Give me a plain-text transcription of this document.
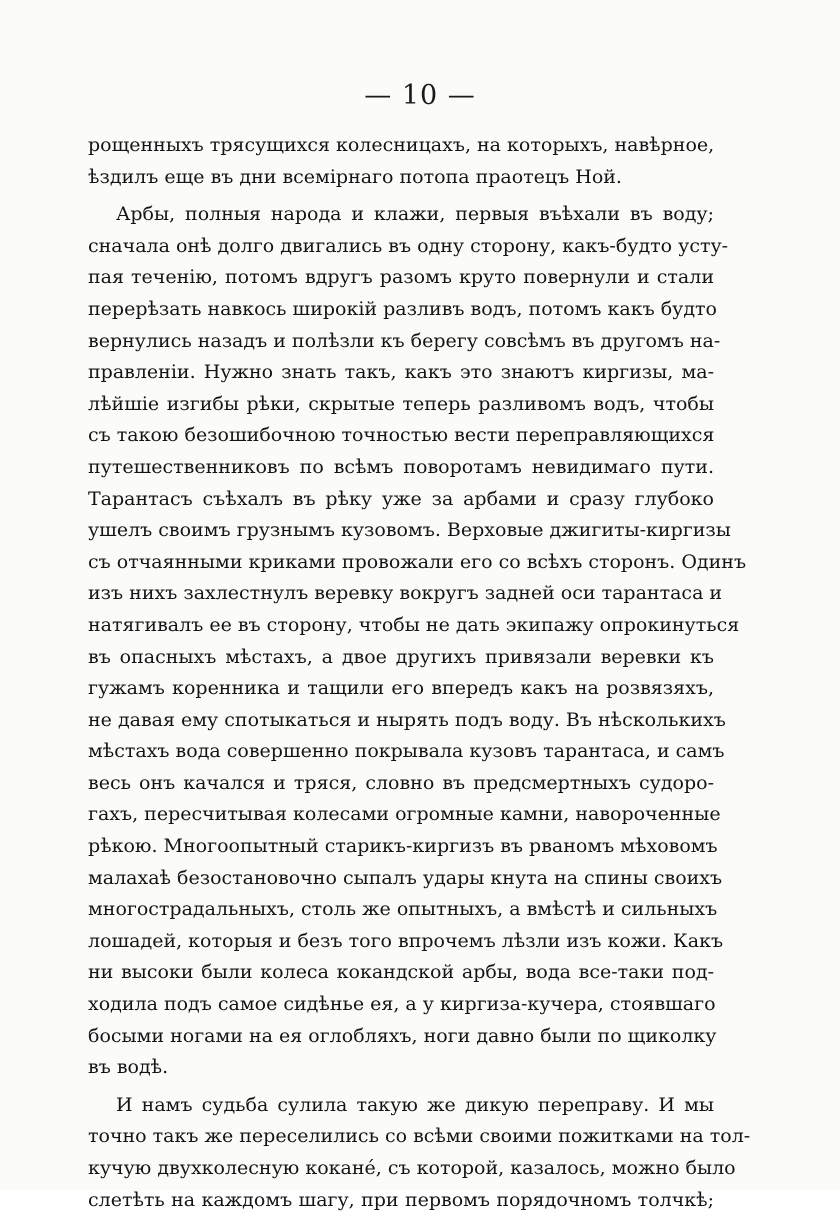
— 10 —
рощенныхъ трясущихся колесницахъ, на которыхъ, навѣрное,
ѣздилъ еще въ дни всемiрнаго потопа праотецъ Ной.
Арбы, полныя народа и клажи, первыя въѣхали въ воду;
сначала онѣ долго двигались въ одну сторону, какъ-будто усту-
пая теченiю, потомъ вдругъ разомъ круто повернули и стали
перерѣзать навкось широкiй разливъ водъ, потомъ какъ будто
вернулись назадъ и полѣзли къ берегу совсѣмъ въ другомъ на-
правленiи. Нужно знать такъ, какъ это знаютъ киргизы, ма-
лѣйшiе изгибы рѣки, скрытые теперь разливомъ водъ, чтобы
съ такою безошибочною точностью вести переправляющихся
путешественниковъ по всѣмъ поворотамъ невидимаго пути.
Тарантасъ съѣхалъ въ рѣку уже за арбами и сразу глубоко
ушелъ своимъ грузнымъ кузовомъ. Верховые джигиты-киргизы
съ отчаянными криками провожали его со всѣхъ сторонъ. Одинъ
изъ нихъ захлестнулъ веревку вокругъ задней оси тарантаса и
натягивалъ ее въ сторону, чтобы не дать экипажу опрокинуться
въ опасныхъ мѣстахъ, а двое другихъ привязали веревки къ
гужамъ коренника и тащили его впередъ какъ на розвязяхъ,
не давая ему спотыкаться и нырять подъ воду. Въ нѣсколькихъ
мѣстахъ вода совершенно покрывала кузовъ тарантаса, и самъ
весь онъ качался и тряся, словно въ предсмертныхъ судоро-
гахъ, пересчитывая колесами огромные камни, навороченные
рѣкою. Многоопытный старикъ-киргизъ въ рваномъ мѣховомъ
малахаѣ безостановочно сыпалъ удары кнута на спины своихъ
многострадальныхъ, столь же опытныхъ, а вмѣстѣ и сильныхъ
лошадей, которыя и безъ того впрочемъ лѣзли изъ кожи. Какъ
ни высоки были колеса кокандской арбы, вода все-таки под-
ходила подъ самое сидѣнье ея, а у киргиза-кучера, стоявшаго
босыми ногами на ея оглобляхъ, ноги давно были по щиколку
въ водѣ.
И намъ судьба сулила такую же дикую переправу. И мы
точно такъ же переселились со всѣми своими пожитками на тол-
кучую двухколесную коканé, съ которой, казалось, можно было
слетѣть на каждомъ шагу, при первомъ порядочномъ толчкѣ;
